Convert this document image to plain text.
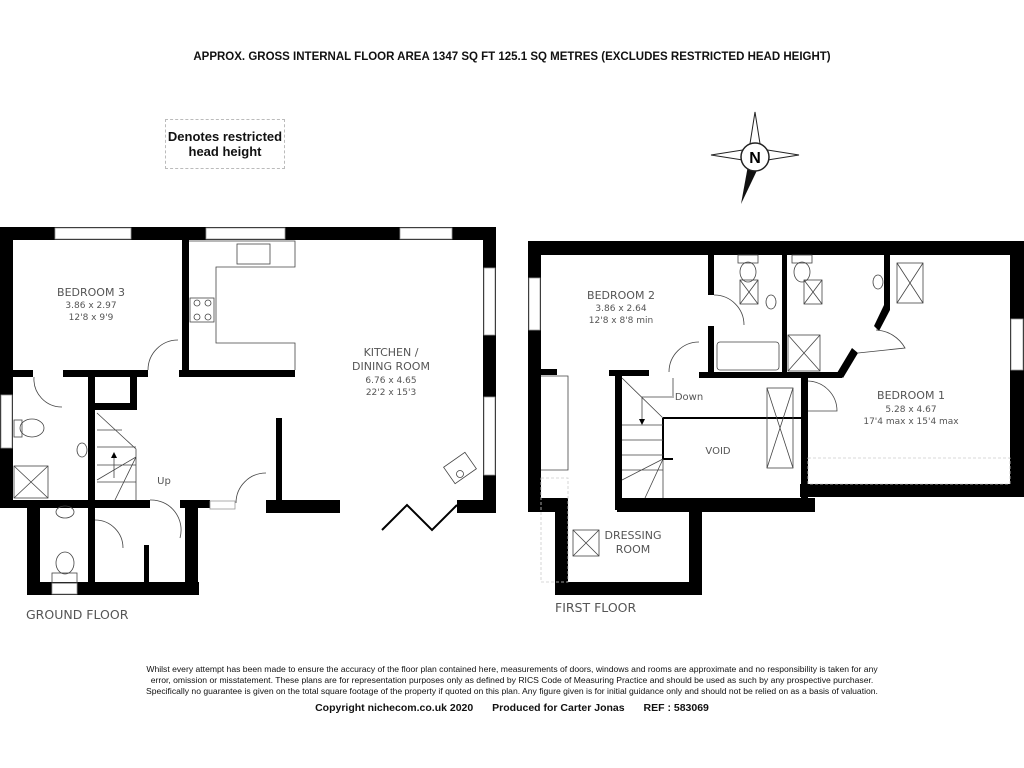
APPROX. GROSS INTERNAL FLOOR AREA 1347 SQ FT 125.1 SQ METRES (EXCLUDES RESTRICTED HEAD HEIGHT)
Denotes restricted
head height	N
BEDROOM 3
3.86 x 2.97
12'8 x 9'9
KITCHEN /
DINING ROOM
6.76 x 4.65
22'2 x 15'3
Up
GROUND FLOOR
BEDROOM 2
3.86 x 2.64
12'8 x 8'8 min
BEDROOM 1
5.28 x 4.67
17'4 max x 15'4 max
VOID
DRESSING
ROOM
Down
FIRST FLOOR
Whilst every attempt has been made to ensure the accuracy of the floor plan contained here, measurements of doors, windows and rooms are approximate and no responsibility is taken for any
error, omission or misstatement. These plans are for representation purposes only as defined by RICS Code of Measuring Practice and should be used as such by any prospective purchaser.
Specifically no guarantee is given on the total square footage of the property if quoted on this plan. Any figure given is for initial guidance only and should not be relied on as a basis of valuation.
Copyright nichecom.co.uk 2020 Produced for Carter Jonas REF : 583069
